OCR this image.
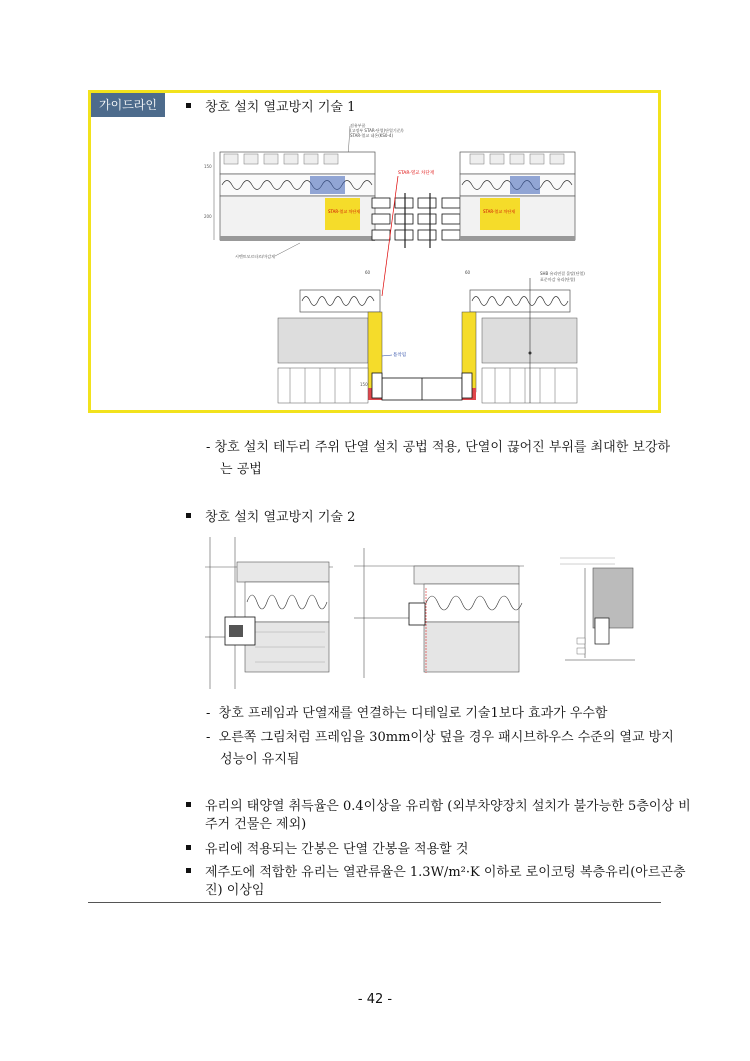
가이드라인	창호 설치 열교방지 기술 1
점유부품
(고정부 STAR-단열(단열기준/)
STAR-열교 네온(KS0-4)
STAR-열교 차단재
STAR-열교 차단재
STAR-열교 차단재
150
200
시멘트모르타르/마감재
60	60	SHB 유리연결 몰탈(단열)
표준마감 유리(단열)
틀착됨
150
- 창호 설치 테두리 주위 단열 설치 공법 적용, 단열이 끊어진 부위를 최대한 보강하
는 공법
창호 설치 열교방지 기술 2
- 창호 프레임과 단열재를 연결하는 디테일로 기술1보다 효과가 우수함
- 오른쪽 그림처럼 프레임을 30mm이상 덮을 경우 패시브하우스 수준의 열교 방지
성능이 유지됨
유리의 태양열 취득율은 0.4이상을 유리함 (외부차양장치 설치가 불가능한 5층이상 비
주거 건물은 제외)
유리에 적용되는 간봉은 단열 간봉을 적용할 것
제주도에 적합한 유리는 열관류율은 1.3W/m²·K 이하로 로이코팅 복층유리(아르곤충
진) 이상임
- 42 -
